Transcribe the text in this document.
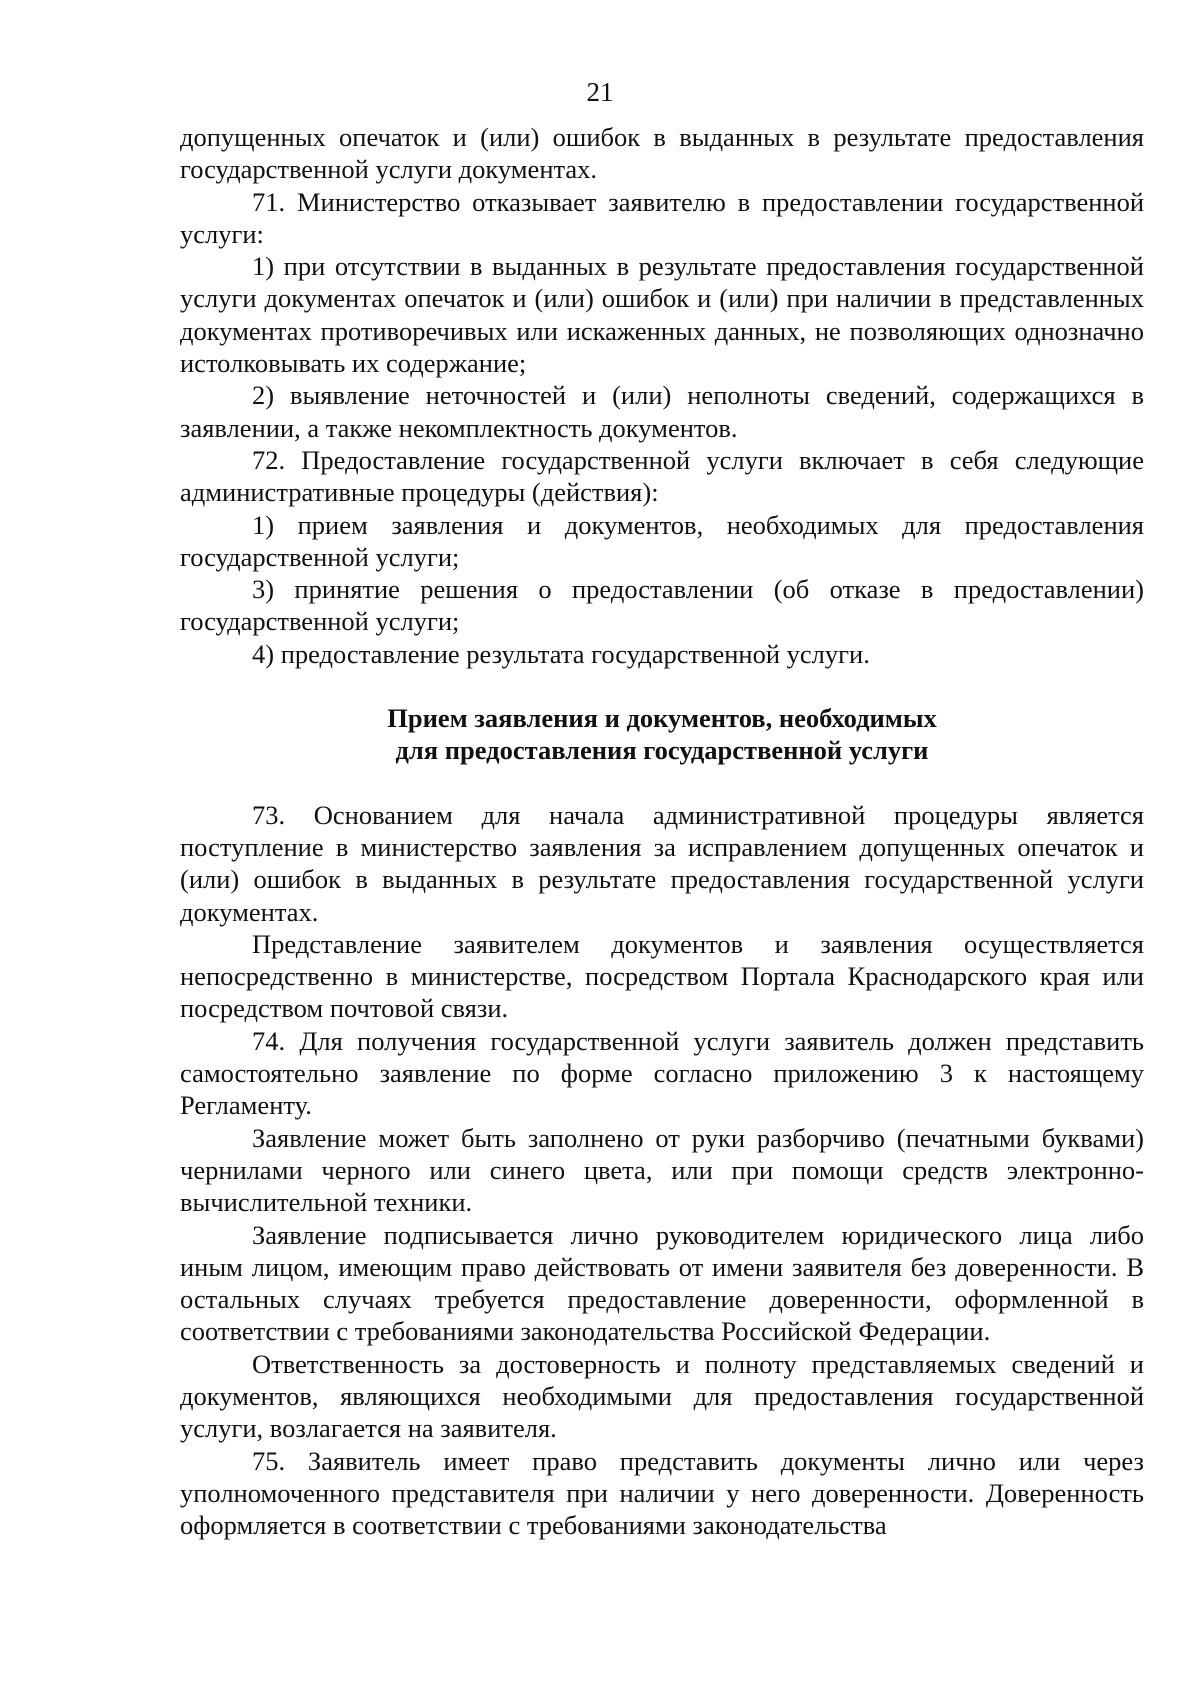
21

допущенных опечаток и (или) ошибок в выданных в результате предоставления государственной услуги документах.

71. Министерство отказывает заявителю в предоставлении государственной услуги:

1) при отсутствии в выданных в результате предоставления государственной услуги документах опечаток и (или) ошибок и (или) при наличии в представленных документах противоречивых или искаженных данных, не позволяющих однозначно истолковывать их содержание;

2) выявление неточностей и (или) неполноты сведений, содержащихся в заявлении, а также некомплектность документов.

72. Предоставление государственной услуги включает в себя следующие административные процедуры (действия):

1) прием заявления и документов, необходимых для предоставления государственной услуги;

3) принятие решения о предоставлении (об отказе в предоставлении) государственной услуги;

4) предоставление результата государственной услуги.

Прием заявления и документов, необходимых
для предоставления государственной услуги

73. Основанием для начала административной процедуры является поступление в министерство заявления за исправлением допущенных опечаток и (или) ошибок в выданных в результате предоставления государственной услуги документах.

Представление заявителем документов и заявления осуществляется непосредственно в министерстве, посредством Портала Краснодарского края или посредством почтовой связи.

74. Для получения государственной услуги заявитель должен представить самостоятельно заявление по форме согласно приложению 3 к настоящему Регламенту.

Заявление может быть заполнено от руки разборчиво (печатными буквами) чернилами черного или синего цвета, или при помощи средств электронно-вычислительной техники.

Заявление подписывается лично руководителем юридического лица либо иным лицом, имеющим право действовать от имени заявителя без доверенности. В остальных случаях требуется предоставление доверенности, оформленной в соответствии с требованиями законодательства Российской Федерации.

Ответственность за достоверность и полноту представляемых сведений и документов, являющихся необходимыми для предоставления государственной услуги, возлагается на заявителя.

75. Заявитель имеет право представить документы лично или через уполномоченного представителя при наличии у него доверенности. Доверенность оформляется в соответствии с требованиями законодательства
